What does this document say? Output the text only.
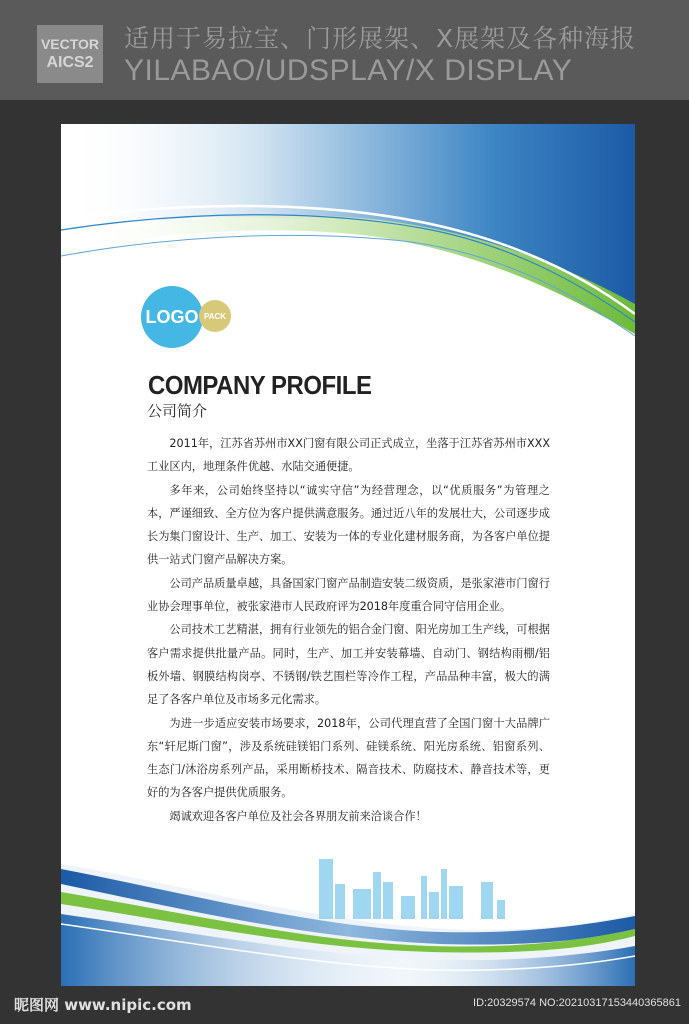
VECTOR
AICS2
适用于易拉宝、门形展架、X展架及各种海报
YILABAO/UDSPLAY/X DISPLAY
LOGO PACK
COMPANY PROFILE
公司简介

2011年，江苏省苏州市XX门窗有限公司正式成立，坐落于江苏省苏州市XXX工业区内，地理条件优越、水陆交通便捷。

多年来，公司始终坚持以“诚实守信”为经营理念，以“优质服务”为管理之本，严谨细致、全方位为客户提供满意服务。通过近八年的发展壮大，公司逐步成长为集门窗设计、生产、加工、安装为一体的专业化建材服务商，为各客户单位提供一站式门窗产品解决方案。

公司产品质量卓越，具备国家门窗产品制造安装二级资质，是张家港市门窗行业协会理事单位，被张家港市人民政府评为2018年度重合同守信用企业。

公司技术工艺精湛，拥有行业领先的铝合金门窗、阳光房加工生产线，可根据客户需求提供批量产品。同时，生产、加工并安装幕墙、自动门、钢结构雨棚/铝板外墙、钢膜结构岗亭、不锈钢/铁艺围栏等冷作工程，产品品种丰富，极大的满足了各客户单位及市场多元化需求。

为进一步适应安装市场要求，2018年，公司代理直营了全国门窗十大品牌广东“轩尼斯门窗”，涉及系统硅镁铝门系列、硅镁系统、阳光房系统、铝窗系列、生态门/沐浴房系列产品，采用断桥技术、隔音技术、防腐技术、静音技术等，更好的为各客户提供优质服务。

竭诚欢迎各客户单位及社会各界朋友前来洽谈合作！

昵图网 www.nipic.com	ID:20329574 NO:20210317153440365861
